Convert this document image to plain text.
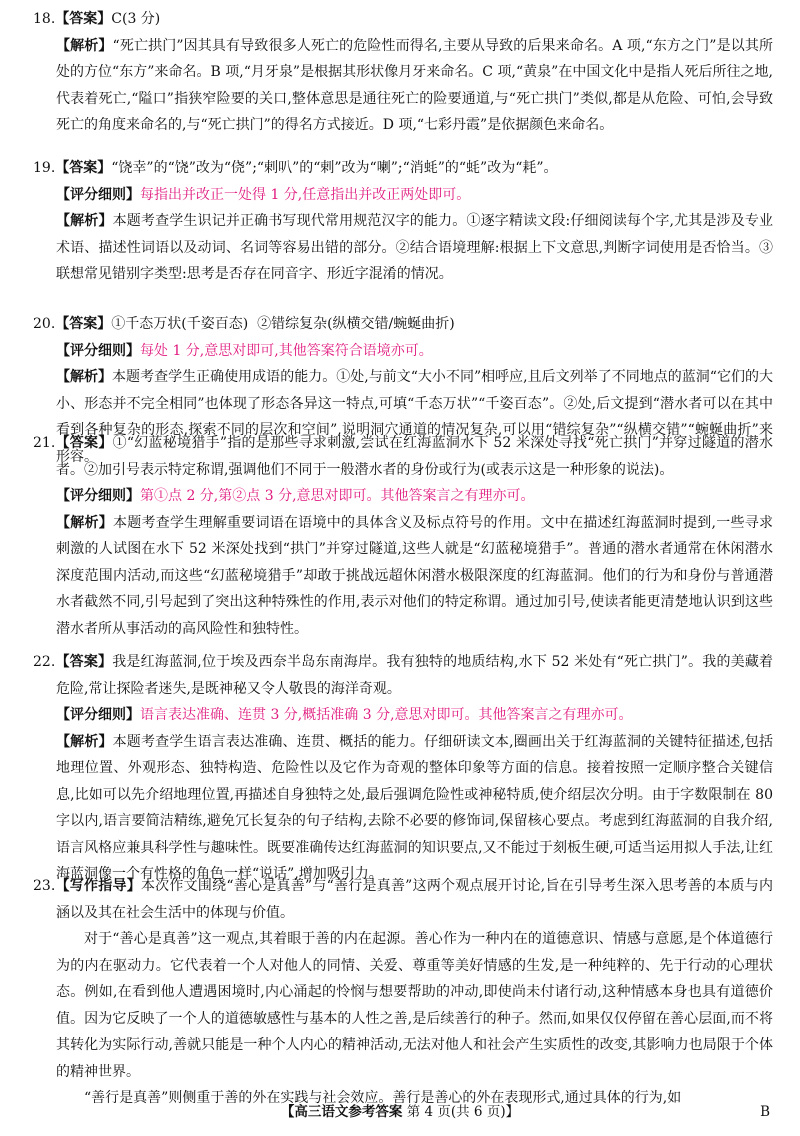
18.【答案】C(3 分)

【解析】“死亡拱门”因其具有导致很多人死亡的危险性而得名,主要从导致的后果来命名。A 项,“东方之门”是以其所处的方位“东方”来命名。B 项,“月牙泉”是根据其形状像月牙来命名。C 项,“黄泉”在中国文化中是指人死后所往之地,代表着死亡,“隘口”指狭窄险要的关口,整体意思是通往死亡的险要通道,与“死亡拱门”类似,都是从危险、可怕,会导致死亡的角度来命名的,与“死亡拱门”的得名方式接近。D 项,“七彩丹霞”是依据颜色来命名。

19.【答案】“饶幸”的“饶”改为“侥”;“剌叭”的“剌”改为“喇”;“消蚝”的“蚝”改为“耗”。

【评分细则】每指出并改正一处得 1 分,任意指出并改正两处即可。

【解析】本题考查学生识记并正确书写现代常用规范汉字的能力。①逐字精读文段:仔细阅读每个字,尤其是涉及专业术语、描述性词语以及动词、名词等容易出错的部分。②结合语境理解:根据上下文意思,判断字词使用是否恰当。③联想常见错别字类型:思考是否存在同音字、形近字混淆的情况。

20.【答案】①千态万状(千姿百态)  ②错综复杂(纵横交错/蜿蜒曲折)

【评分细则】每处 1 分,意思对即可,其他答案符合语境亦可。

【解析】本题考查学生正确使用成语的能力。①处,与前文“大小不同”相呼应,且后文列举了不同地点的蓝洞“它们的大小、形态并不完全相同”也体现了形态各异这一特点,可填“千态万状”“千姿百态”。②处,后文提到“潜水者可以在其中看到各种复杂的形态,探索不同的层次和空间”,说明洞穴通道的情况复杂,可以用“错综复杂”“纵横交错”“蜿蜒曲折”来形容。

21.【答案】①“幻蓝秘境猎手”指的是那些寻求刺激,尝试在红海蓝洞水下 52 米深处寻找“死亡拱门”并穿过隧道的潜水者。②加引号表示特定称谓,强调他们不同于一般潜水者的身份或行为(或表示这是一种形象的说法)。

【评分细则】第①点 2 分,第②点 3 分,意思对即可。其他答案言之有理亦可。

【解析】本题考查学生理解重要词语在语境中的具体含义及标点符号的作用。文中在描述红海蓝洞时提到,一些寻求刺激的人试图在水下 52 米深处找到“拱门”并穿过隧道,这些人就是“幻蓝秘境猎手”。普通的潜水者通常在休闲潜水深度范围内活动,而这些“幻蓝秘境猎手”却敢于挑战远超休闲潜水极限深度的红海蓝洞。他们的行为和身份与普通潜水者截然不同,引号起到了突出这种特殊性的作用,表示对他们的特定称谓。通过加引号,使读者能更清楚地认识到这些潜水者所从事活动的高风险性和独特性。

22.【答案】我是红海蓝洞,位于埃及西奈半岛东南海岸。我有独特的地质结构,水下 52 米处有“死亡拱门”。我的美藏着危险,常让探险者迷失,是既神秘又令人敬畏的海洋奇观。

【评分细则】语言表达准确、连贯 3 分,概括准确 3 分,意思对即可。其他答案言之有理亦可。

【解析】本题考查学生语言表达准确、连贯、概括的能力。仔细研读文本,圈画出关于红海蓝洞的关键特征描述,包括地理位置、外观形态、独特构造、危险性以及它作为奇观的整体印象等方面的信息。接着按照一定顺序整合关键信息,比如可以先介绍地理位置,再描述自身独特之处,最后强调危险性或神秘特质,使介绍层次分明。由于字数限制在 80 字以内,语言要简洁精练,避免冗长复杂的句子结构,去除不必要的修饰词,保留核心要点。考虑到红海蓝洞的自我介绍,语言风格应兼具科学性与趣味性。既要准确传达红海蓝洞的知识要点,又不能过于刻板生硬,可适当运用拟人手法,让红海蓝洞像一个有性格的角色一样“说话”,增加吸引力。

23.【写作指导】本次作文围绕“善心是真善”与“善行是真善”这两个观点展开讨论,旨在引导考生深入思考善的本质与内涵以及其在社会生活中的体现与价值。

对于“善心是真善”这一观点,其着眼于善的内在起源。善心作为一种内在的道德意识、情感与意愿,是个体道德行为的内在驱动力。它代表着一个人对他人的同情、关爱、尊重等美好情感的生发,是一种纯粹的、先于行动的心理状态。例如,在看到他人遭遇困境时,内心涌起的怜悯与想要帮助的冲动,即使尚未付诸行动,这种情感本身也具有道德价值。因为它反映了一个人的道德敏感性与基本的人性之善,是后续善行的种子。然而,如果仅仅停留在善心层面,而不将其转化为实际行动,善就只能是一种个人内心的精神活动,无法对他人和社会产生实质性的改变,其影响力也局限于个体的精神世界。

“善行是真善”则侧重于善的外在实践与社会效应。善行是善心的外在表现形式,通过具体的行为,如

【高三语文参考答案 第 4 页(共 6 页)】	B
